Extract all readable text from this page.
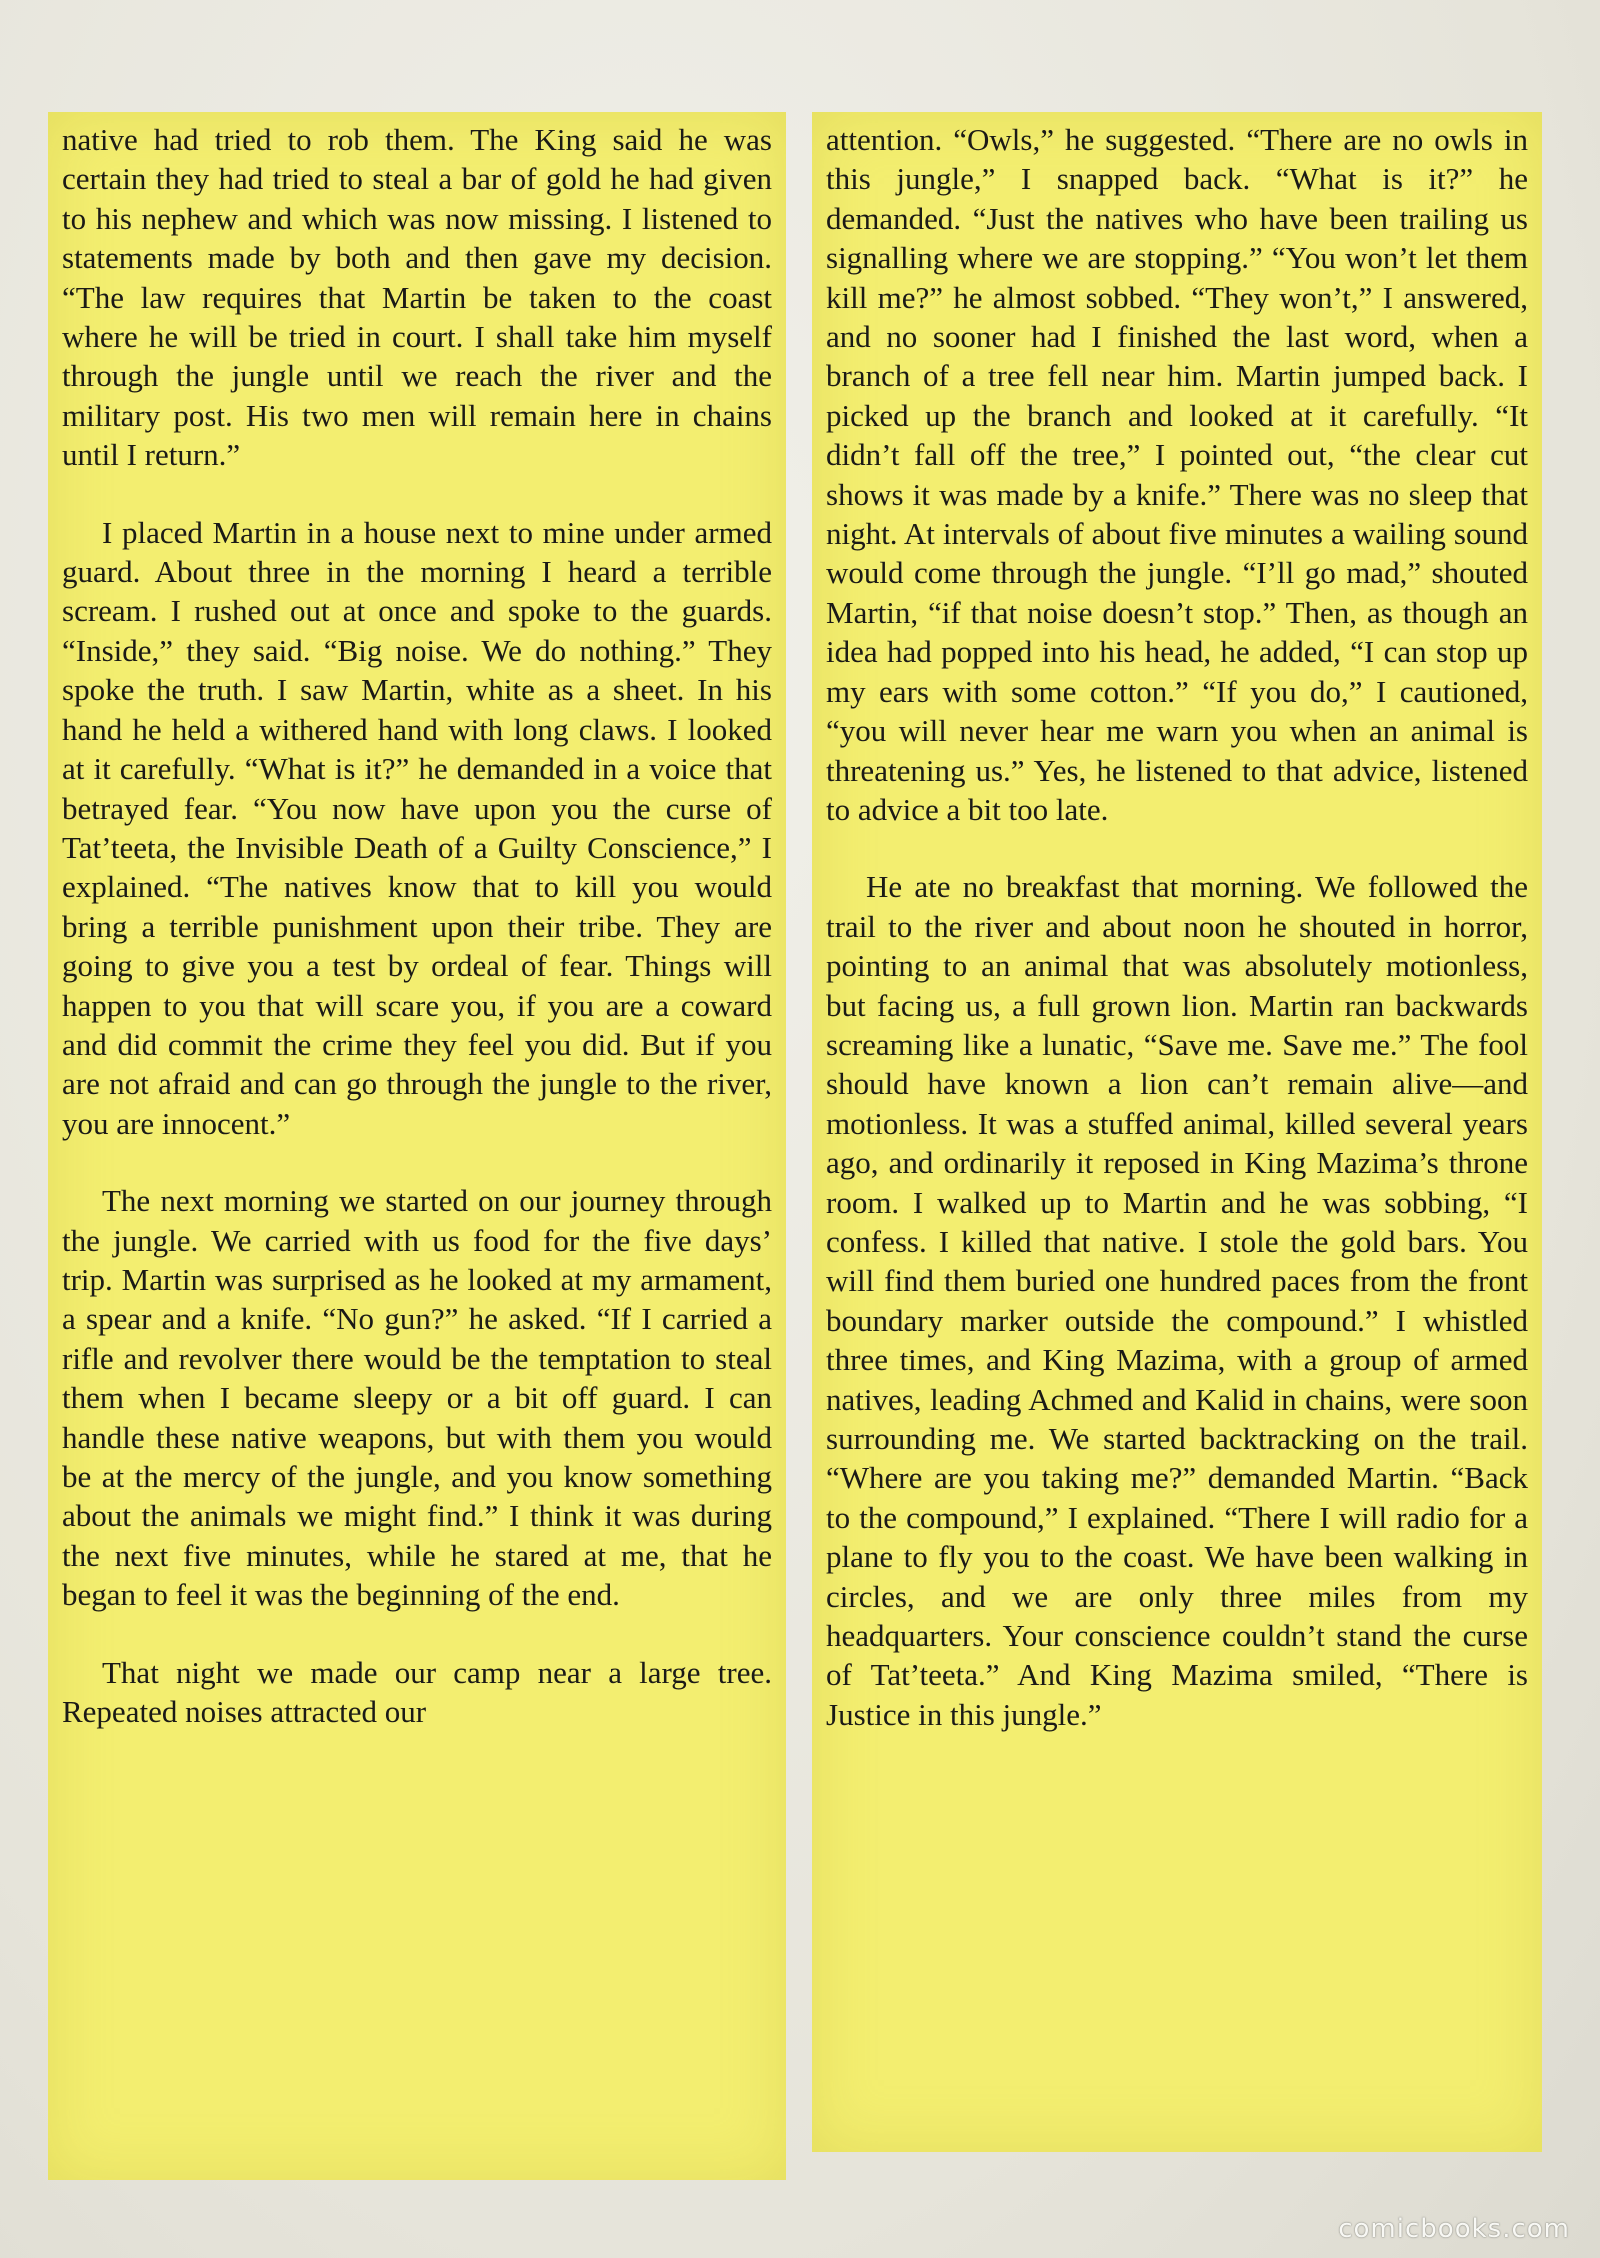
native had tried to rob them. The King said he was certain they had tried to steal a bar of gold he had given to his nephew and which was now missing. I listened to statements made by both and then gave my decision. “The law requires that Martin be taken to the coast where he will be tried in court. I shall take him myself through the jungle until we reach the river and the military post. His two men will remain here in chains until I return.”

I placed Martin in a house next to mine under armed guard. About three in the morning I heard a terrible scream. I rushed out at once and spoke to the guards. “Inside,” they said. “Big noise. We do nothing.” They spoke the truth. I saw Martin, white as a sheet. In his hand he held a withered hand with long claws. I looked at it carefully. “What is it?” he demanded in a voice that betrayed fear. “You now have upon you the curse of Tat’teeta, the Invisible Death of a Guilty Conscience,” I explained. “The natives know that to kill you would bring a terrible punishment upon their tribe. They are going to give you a test by ordeal of fear. Things will happen to you that will scare you, if you are a coward and did commit the crime they feel you did. But if you are not afraid and can go through the jungle to the river, you are innocent.”

The next morning we started on our journey through the jungle. We carried with us food for the five days’ trip. Martin was surprised as he looked at my armament, a spear and a knife. “No gun?” he asked. “If I carried a rifle and revolver there would be the temptation to steal them when I became sleepy or a bit off guard. I can handle these native weapons, but with them you would be at the mercy of the jungle, and you know something about the animals we might find.” I think it was during the next five minutes, while he stared at me, that he began to feel it was the beginning of the end.

That night we made our camp near a large tree. Repeated noises attracted our

attention. “Owls,” he suggested. “There are no owls in this jungle,” I snapped back. “What is it?” he demanded. “Just the natives who have been trailing us signalling where we are stopping.” “You won’t let them kill me?” he almost sobbed. “They won’t,” I answered, and no sooner had I finished the last word, when a branch of a tree fell near him. Martin jumped back. I picked up the branch and looked at it carefully. “It didn’t fall off the tree,” I pointed out, “the clear cut shows it was made by a knife.” There was no sleep that night. At intervals of about five minutes a wailing sound would come through the jungle. “I’ll go mad,” shouted Martin, “if that noise doesn’t stop.” Then, as though an idea had popped into his head, he added, “I can stop up my ears with some cotton.” “If you do,” I cautioned, “you will never hear me warn you when an animal is threatening us.” Yes, he listened to that advice, listened to advice a bit too late.

He ate no breakfast that morning. We followed the trail to the river and about noon he shouted in horror, pointing to an animal that was absolutely motionless, but facing us, a full grown lion. Martin ran backwards screaming like a lunatic, “Save me. Save me.” The fool should have known a lion can’t remain alive—and motionless. It was a stuffed animal, killed several years ago, and ordinarily it reposed in King Mazima’s throne room. I walked up to Martin and he was sobbing, “I confess. I killed that native. I stole the gold bars. You will find them buried one hundred paces from the front boundary marker outside the compound.” I whistled three times, and King Mazima, with a group of armed natives, leading Achmed and Kalid in chains, were soon surrounding me. We started backtracking on the trail. “Where are you taking me?” demanded Martin. “Back to the compound,” I explained. “There I will radio for a plane to fly you to the coast. We have been walking in circles, and we are only three miles from my headquarters. Your conscience couldn’t stand the curse of Tat’teeta.” And King Mazima smiled, “There is Justice in this jungle.”

comicbooks.com
